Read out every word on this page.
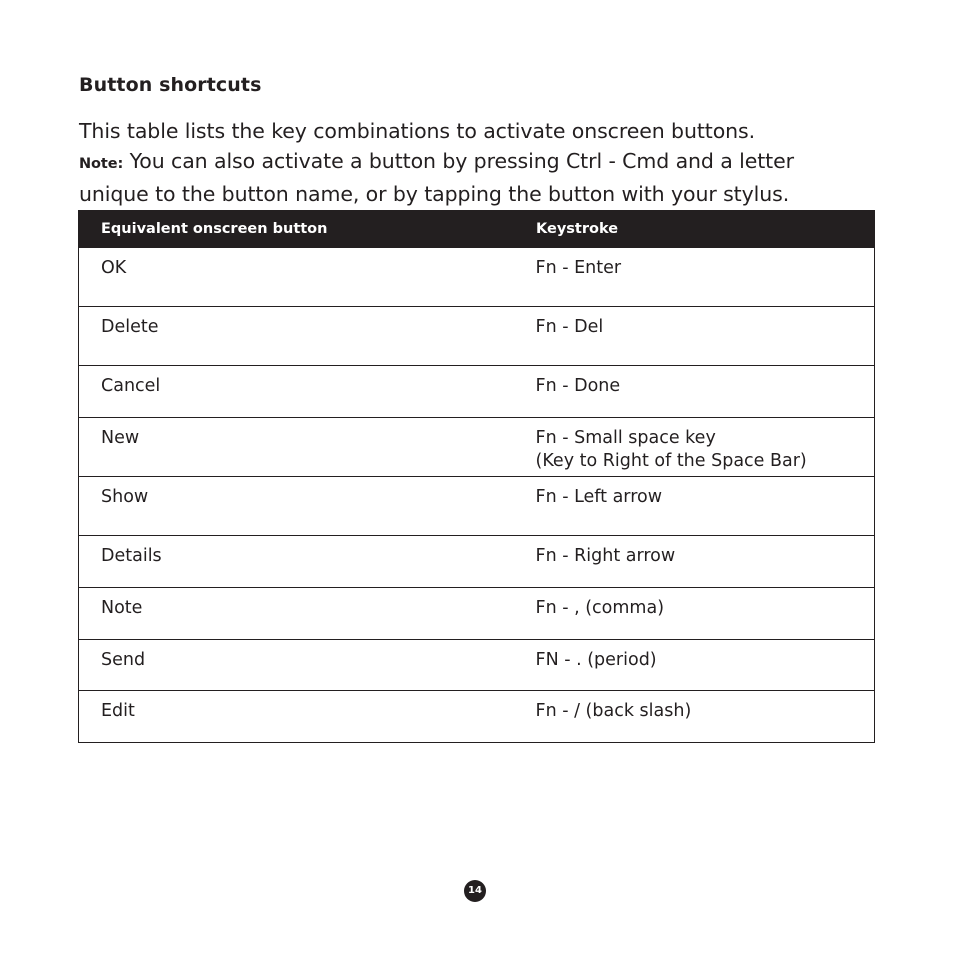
Button shortcuts
This table lists the key combinations to activate onscreen buttons.
Note: You can also activate a button by pressing Ctrl - Cmd and a letter unique to the button name, or by tapping the button with your stylus.
Equivalent onscreen button	Keystroke
OK	Fn - Enter

Delete	Fn - Del

Cancel	Fn - Done

New	Fn - Small space key
(Key to Right of the Space Bar)

Show	Fn - Left arrow

Details	Fn - Right arrow

Note	Fn - , (comma)

Send	FN - . (period)

Edit	Fn - / (back slash)
14
